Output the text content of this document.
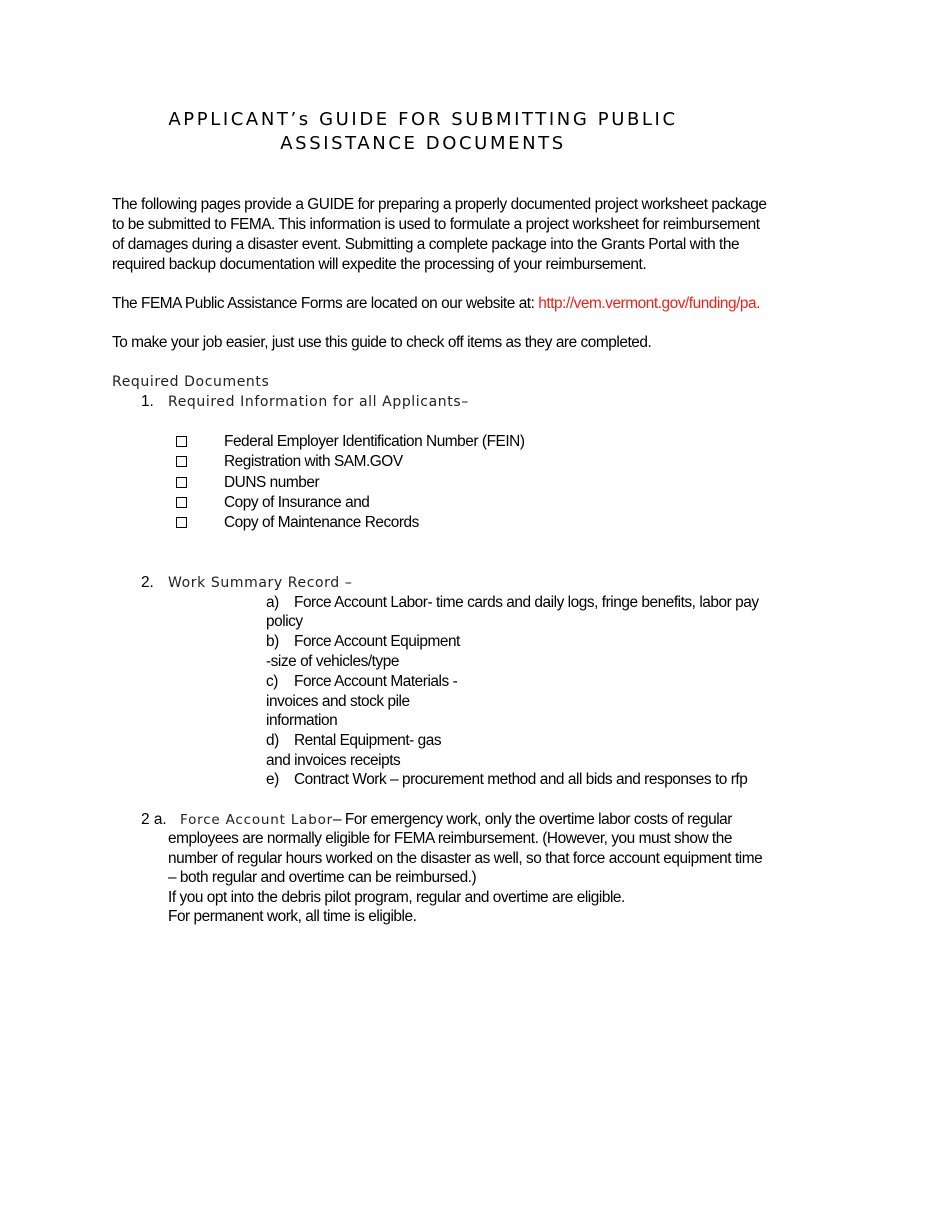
APPLICANT’s GUIDE FOR SUBMITTING PUBLIC
ASSISTANCE DOCUMENTS
The following pages provide a GUIDE for preparing a properly documented project worksheet package
to be submitted to FEMA. This information is used to formulate a project worksheet for reimbursement
of damages during a disaster event. Submitting a complete package into the Grants Portal with the
required backup documentation will expedite the processing of your reimbursement.
The FEMA Public Assistance Forms are located on our website at: http://vem.vermont.gov/funding/pa.
To make your job easier, just use this guide to check off items as they are completed.
Required Documents
1. Required Information for all Applicants–
Federal Employer Identification Number (FEIN)
Registration with SAM.GOV
DUNS number
Copy of Insurance and
Copy of Maintenance Records
2. Work Summary Record –
a) Force Account Labor- time cards and daily logs, fringe benefits, labor pay
policy
b) Force Account Equipment
-size of vehicles/type
c) Force Account Materials -
invoices and stock pile
information
d) Rental Equipment- gas
and invoices receipts
e) Contract Work – procurement method and all bids and responses to rfp
2 a. Force Account Labor– For emergency work, only the overtime labor costs of regular
employees are normally eligible for FEMA reimbursement. (However, you must show the
number of regular hours worked on the disaster as well, so that force account equipment time
– both regular and overtime can be reimbursed.)
If you opt into the debris pilot program, regular and overtime are eligible.
For permanent work, all time is eligible.
